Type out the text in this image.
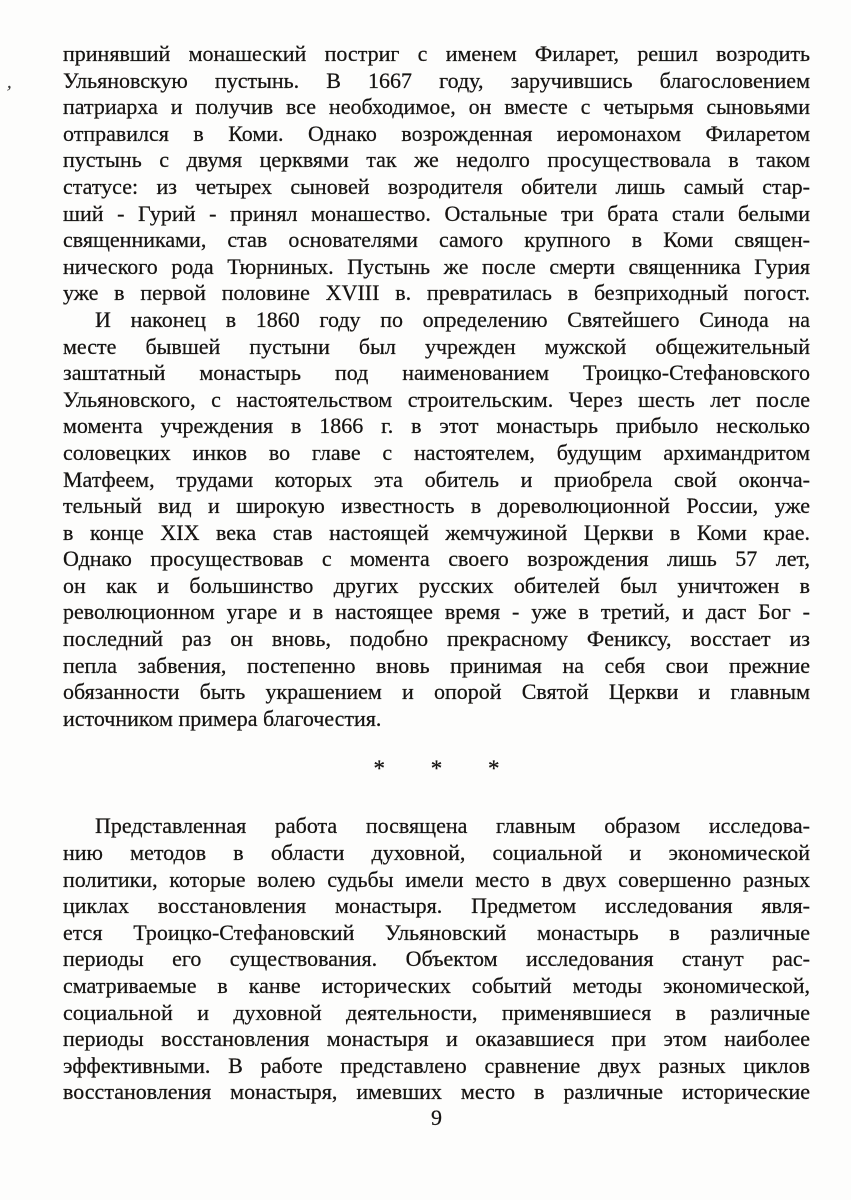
’
принявший монашеский постриг с именем Филарет, решил возродить
Ульяновскую пустынь. В 1667 году, заручившись благословением
патриарха и получив все необходимое, он вместе с четырьмя сыновьями
отправился в Коми. Однако возрожденная иеромонахом Филаретом
пустынь с двумя церквями так же недолго просуществовала в таком
статусе: из четырех сыновей возродителя обители лишь самый стар-
ший - Гурий - принял монашество. Остальные три брата стали белыми
священниками, став основателями самого крупного в Коми священ-
нического рода Тюрниных. Пустынь же после смерти священника Гурия
уже в первой половине XVIII в. превратилась в безприходный погост.
И наконец в 1860 году по определению Святейшего Синода на
месте бывшей пустыни был учрежден мужской общежительный
заштатный монастырь под наименованием Троицко-Стефановского
Ульяновского, с настоятельством строительским. Через шесть лет после
момента учреждения в 1866 г. в этот монастырь прибыло несколько
соловецких инков во главе с настоятелем, будущим архимандритом
Матфеем, трудами которых эта обитель и приобрела свой оконча-
тельный вид и широкую известность в дореволюционной России, уже
в конце XIX века став настоящей жемчужиной Церкви в Коми крае.
Однако просуществовав с момента своего возрождения лишь 57 лет,
он как и большинство других русских обителей был уничтожен в
революционном угаре и в настоящее время - уже в третий, и даст Бог -
последний раз он вновь, подобно прекрасному Фениксу, восстает из
пепла забвения, постепенно вновь принимая на себя свои прежние
обязанности быть украшением и опорой Святой Церкви и главным
источником примера благочестия.
* * *
Представленная работа посвящена главным образом исследова-
нию методов в области духовной, социальной и экономической
политики, которые волею судьбы имели место в двух совершенно разных
циклах восстановления монастыря. Предметом исследования явля-
ется Троицко-Стефановский Ульяновский монастырь в различные
периоды его существования. Объектом исследования станут рас-
сматриваемые в канве исторических событий методы экономической,
социальной и духовной деятельности, применявшиеся в различные
периоды восстановления монастыря и оказавшиеся при этом наиболее
эффективными. В работе представлено сравнение двух разных циклов
восстановления монастыря, имевших место в различные исторические
9
